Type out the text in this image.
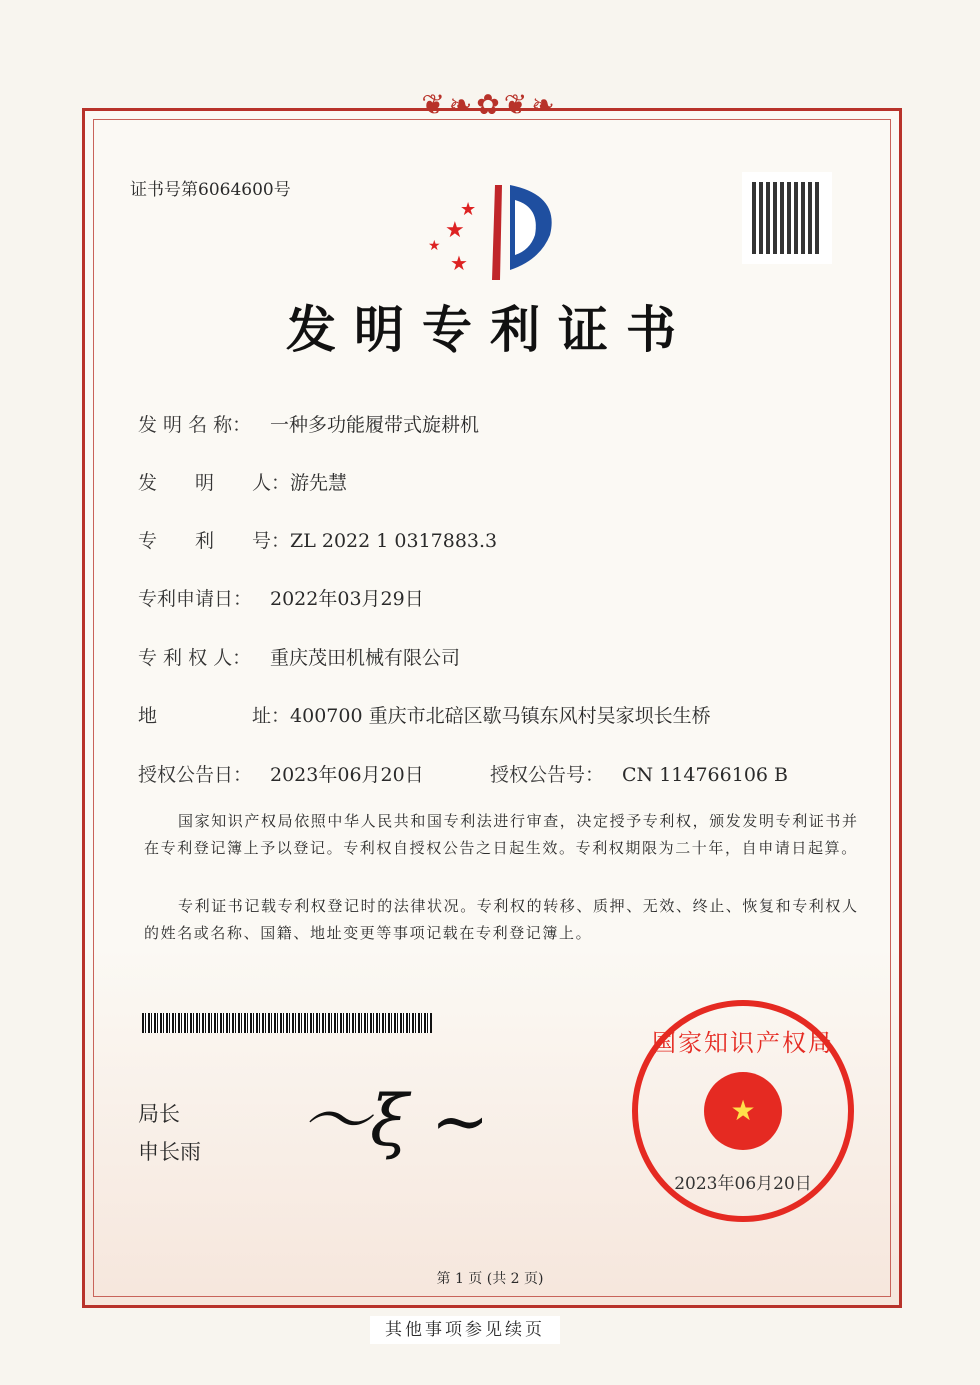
❦❧✿❦❧
证书号第6064600号
★
★
★
★
发明专利证书
发 明 名 称： 一种多功能履带式旋耕机
发　　明　　人：游先慧
专　　利　　号：ZL 2022 1 0317883.3
专利申请日： 2022年03月29日
专 利 权 人： 重庆茂田机械有限公司
地　　　　　址：400700 重庆市北碚区歇马镇东风村吴家坝长生桥
授权公告日： 2023年06月20日	授权公告号： CN 114766106 B
国家知识产权局依照中华人民共和国专利法进行审查，决定授予专利权，颁发发明专利证书并在专利登记簿上予以登记。专利权自授权公告之日起生效。专利权期限为二十年，自申请日起算。
专利证书记载专利权登记时的法律状况。专利权的转移、质押、无效、终止、恢复和专利权人的姓名或名称、国籍、地址变更等事项记载在专利登记簿上。
局长
申长雨 〜ξ ~
国家知识产权局
★
2023年06月20日
第 1 页 (共 2 页)
其他事项参见续页
